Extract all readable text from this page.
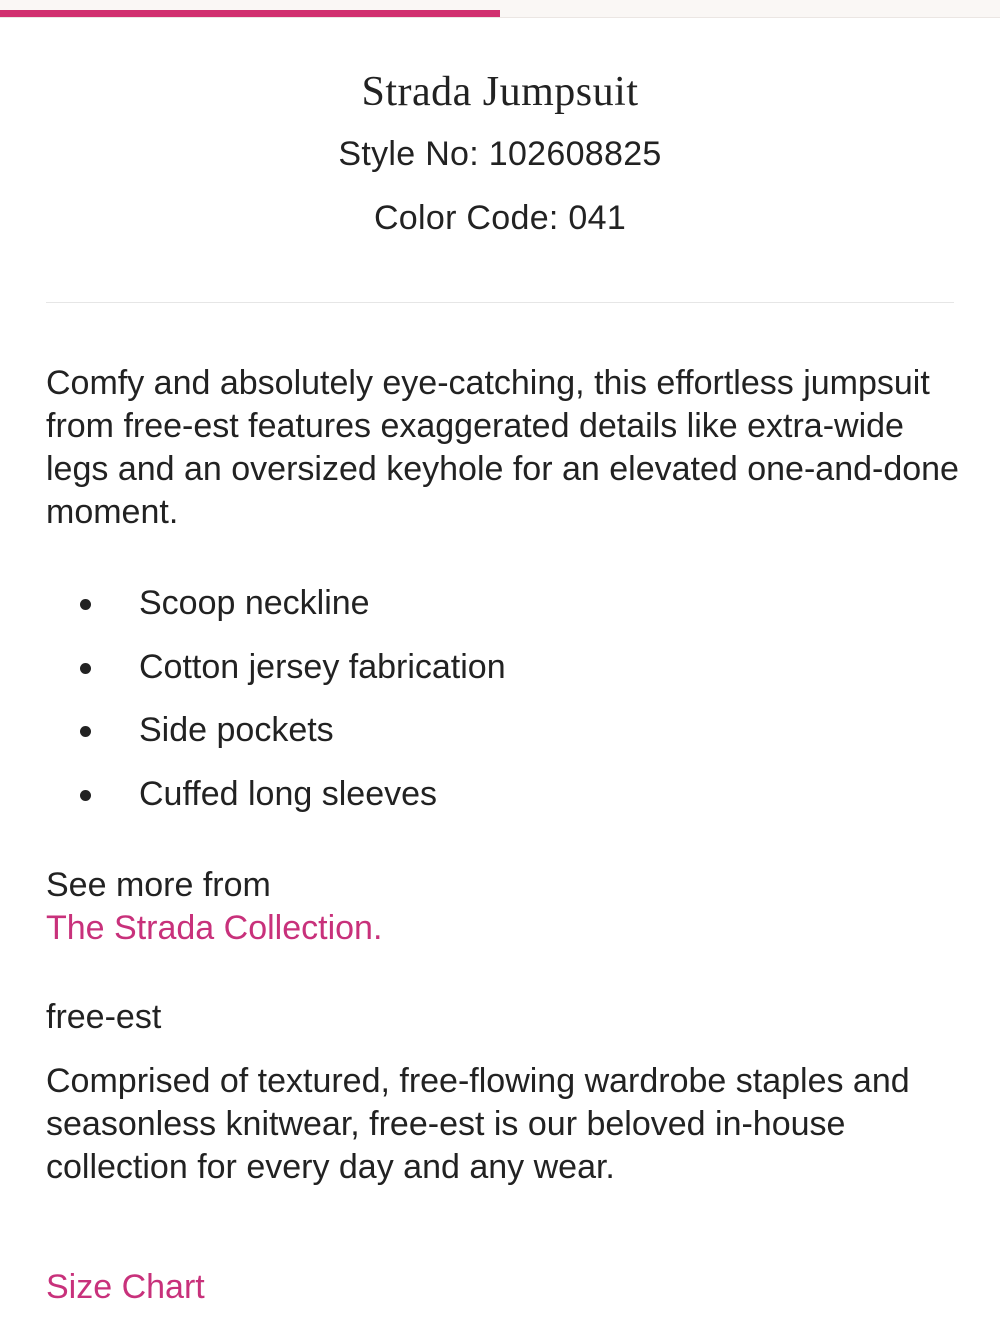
Strada Jumpsuit
Style No: 102608825
Color Code: 041

Comfy and absolutely eye-catching, this effortless jumpsuit from free-est features exaggerated details like extra-wide legs and an oversized keyhole for an elevated one-and-done moment.

Scoop neckline
Cotton jersey fabrication
Side pockets
Cuffed long sleeves
See more from
The Strada Collection.
free-est
Comprised of textured, free-flowing wardrobe staples and seasonless knitwear, free-est is our beloved in-house collection for every day and any wear.
Size Chart
